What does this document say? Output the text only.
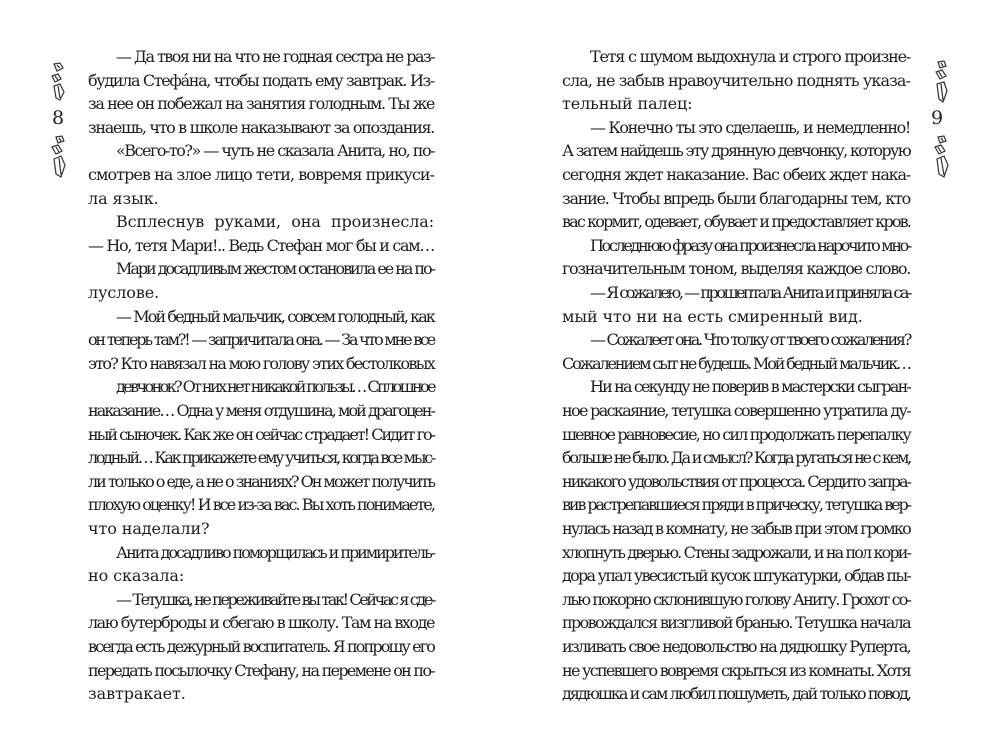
— Да твоя ни на что не годная сестра не раз-
будила Стефáна, чтобы подать ему завтрак. Из-
за нее он побежал на занятия голодным. Ты же
знаешь, что в школе наказывают за опоздания.
«Всего-то?» — чуть не сказала Анита, но, по-
смотрев на злое лицо тети, вовремя прикуси-
ла язык.
Всплеснув руками, она произнесла:
— Но, тетя Мари!.. Ведь Стефан мог бы и сам…
Мари досадливым жестом остановила ее на по-
луслове.
— Мой бедный мальчик, совсем голодный, как
он теперь там?! — запричитала она. — За что мне все
это? Кто навязал на мою голову этих бестолковых
девчонок? От них нет никакой пользы… Сплошное
наказание… Одна у меня отдушина, мой драгоцен-
ный сыночек. Как же он сейчас страдает! Сидит го-
лодный… Как прикажете ему учиться, когда все мыс-
ли только о еде, а не о знаниях? Он может получить
плохую оценку! И все из-за вас. Вы хоть понимаете,
что наделали?
Анита досадливо поморщилась и примиритель-
но сказала:
— Тетушка, не переживайте вы так! Сейчас я сде-
лаю бутерброды и сбегаю в школу. Там на входе
всегда есть дежурный воспитатель. Я попрошу его
передать посылочку Стефану, на перемене он по-
завтракает.
Тетя с шумом выдохнула и строго произне-
сла, не забыв нравоучительно поднять указа-
тельный палец:
— Конечно ты это сделаешь, и немедленно!
А затем найдешь эту дрянную девчонку, которую
сегодня ждет наказание. Вас обеих ждет нака-
зание. Чтобы впредь были благодарны тем, кто
вас кормит, одевает, обувает и предоставляет кров.
Последнюю фразу она произнесла нарочито мно-
гозначительным тоном, выделяя каждое слово.
— Я сожалею, — прошептала Анита и приняла са-
мый что ни на есть смиренный вид.
— Сожалеет она. Что толку от твоего сожаления?
Сожалением сыт не будешь. Мой бедный мальчик…
Ни на секунду не поверив в мастерски сыгран-
ное раскаяние, тетушка совершенно утратила ду-
шевное равновесие, но сил продолжать перепалку
больше не было. Да и смысл? Когда ругаться не с кем,
никакого удовольствия от процесса. Сердито запра-
вив растрепавшиеся пряди в прическу, тетушка вер-
нулась назад в комнату, не забыв при этом громко
хлопнуть дверью. Стены задрожали, и на пол кори-
дора упал увесистый кусок штукатурки, обдав пы-
лью покорно склонившую голову Аниту. Грохот со-
провождался визгливой бранью. Тетушка начала
изливать свое недовольство на дядюшку Руперта,
не успевшего вовремя скрыться из комнаты. Хотя
дядюшка и сам любил пошуметь, дай только повод,
8	9
